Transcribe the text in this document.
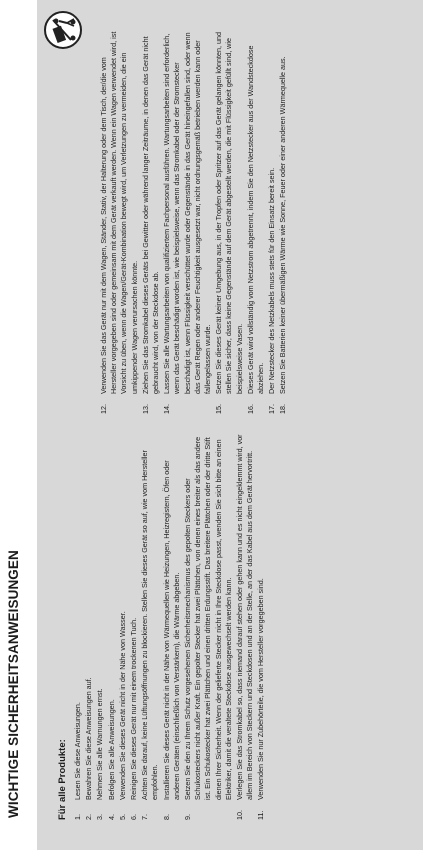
WICHTIGE SICHERHEITSANWEISUNGEN	Für alle Produkte: 1.
Lesen Sie diese Anweisungen.
2.
Bewahren Sie diese Anweisungen auf.
3.
Nehmen Sie alle Warnungen ernst.
4.
Befolgen Sie alle Anweisungen.
5.
Verwenden Sie dieses Gerät nicht in der Nähe von Wasser.
6.
Reinigen Sie dieses Gerät nur mit einem trockenen Tuch.
7.
Achten Sie darauf, keine Lüftungsöffnungen zu blockieren. Stellen Sie dieses Gerät so auf, wie vom Hersteller empfohlen.
8.
Installieren Sie dieses Gerät nicht in der Nähe von Wärmequellen wie Heizungen, Heizregistern, Öfen oder anderen Geräten (einschließlich von Verstärkern), die Wärme abgeben.
9.
Setzen Sie den zu Ihrem Schutz vorgesehenen Sicherheitsmechanismus des gepolten Steckers oder Schukosteckers nicht außer Kraft. Ein gepolter Stecker hat zwei Plättchen, von denen eines breiter als das andere ist. Ein Schukostecker hat zwei Plättchen und einen dritten Erdungsstift. Das breitere Plättchen oder der dritte Stift dienen Ihrer Sicherheit. Wenn der gelieferte Stecker nicht in Ihre Steckdose passt, wenden Sie sich bitte an einen Elektriker, damit die veraltete Steckdose ausgewechselt werden kann.
10.
Verlegen Sie das Stromkabel so, dass niemand darauf stehen oder gehen kann und es nicht eingeklemmt wird, vor allem im Bereich von Steckern und Steckdosen und an der Stelle, an der das Kabel aus dem Gerät hervortritt.
11.
Verwenden Sie nur Zubehörteile, die vom Hersteller vorgegeben sind.
12.
Verwenden Sie das Gerät nur mit dem Wagen, Ständer, Stativ, der Halterung oder dem Tisch, der/die vom Hersteller vorgegeben sind oder gemeinsam mit dem Gerät verkauft werden. Wenn ein Wagen verwendet wird, ist Vorsicht zu üben, wenn die Wagen/Gerät-Kombination bewegt wird, um Verletzungen zu vermeiden, die ein umkippender Wagen verursachen könnte.
13.
Ziehen Sie das Stromkabel dieses Geräts bei Gewitter oder während langer Zeiträume, in denen das Gerät nicht gebraucht wird, von der Steckdose ab.
14.
Lassen Sie alle Wartungsarbeiten von qualifiziertem Fachpersonal ausführen. Wartungsarbeiten sind erforderlich, wenn das Gerät beschädigt worden ist, wie beispielsweise, wenn das Stromkabel oder der Stromstecker beschädigt ist, wenn Flüssigkeit verschüttet wurde oder Gegenstände in das Gerät hineingefallen sind, oder wenn das Gerät Regen oder anderer Feuchtigkeit ausgesetzt war, nicht ordnungsgemäß betrieben werden kann oder fallengelassen wurde.
15.
Setzen Sie dieses Gerät keiner Umgebung aus, in der Tropfen oder Spritzer auf das Gerät gelangen könnten, und stellen Sie sicher, dass keine Gegenstände auf dem Gerät abgestellt werden, die mit Flüssigkeit gefüllt sind, wie beispielsweise Vasen.
16.
Dieses Gerät wird vollständig vom Netzstrom abgetrennt, indem Sie den Netzstecker aus der Wandsteckdose abziehen.
17.
Der Netzstecker des Netzkabels muss stets für den Einsatz bereit sein.
18.
Setzen Sie Batterien keiner übermäßigen Wärme wie Sonne, Feuer oder einer anderen Wärmequelle aus.
